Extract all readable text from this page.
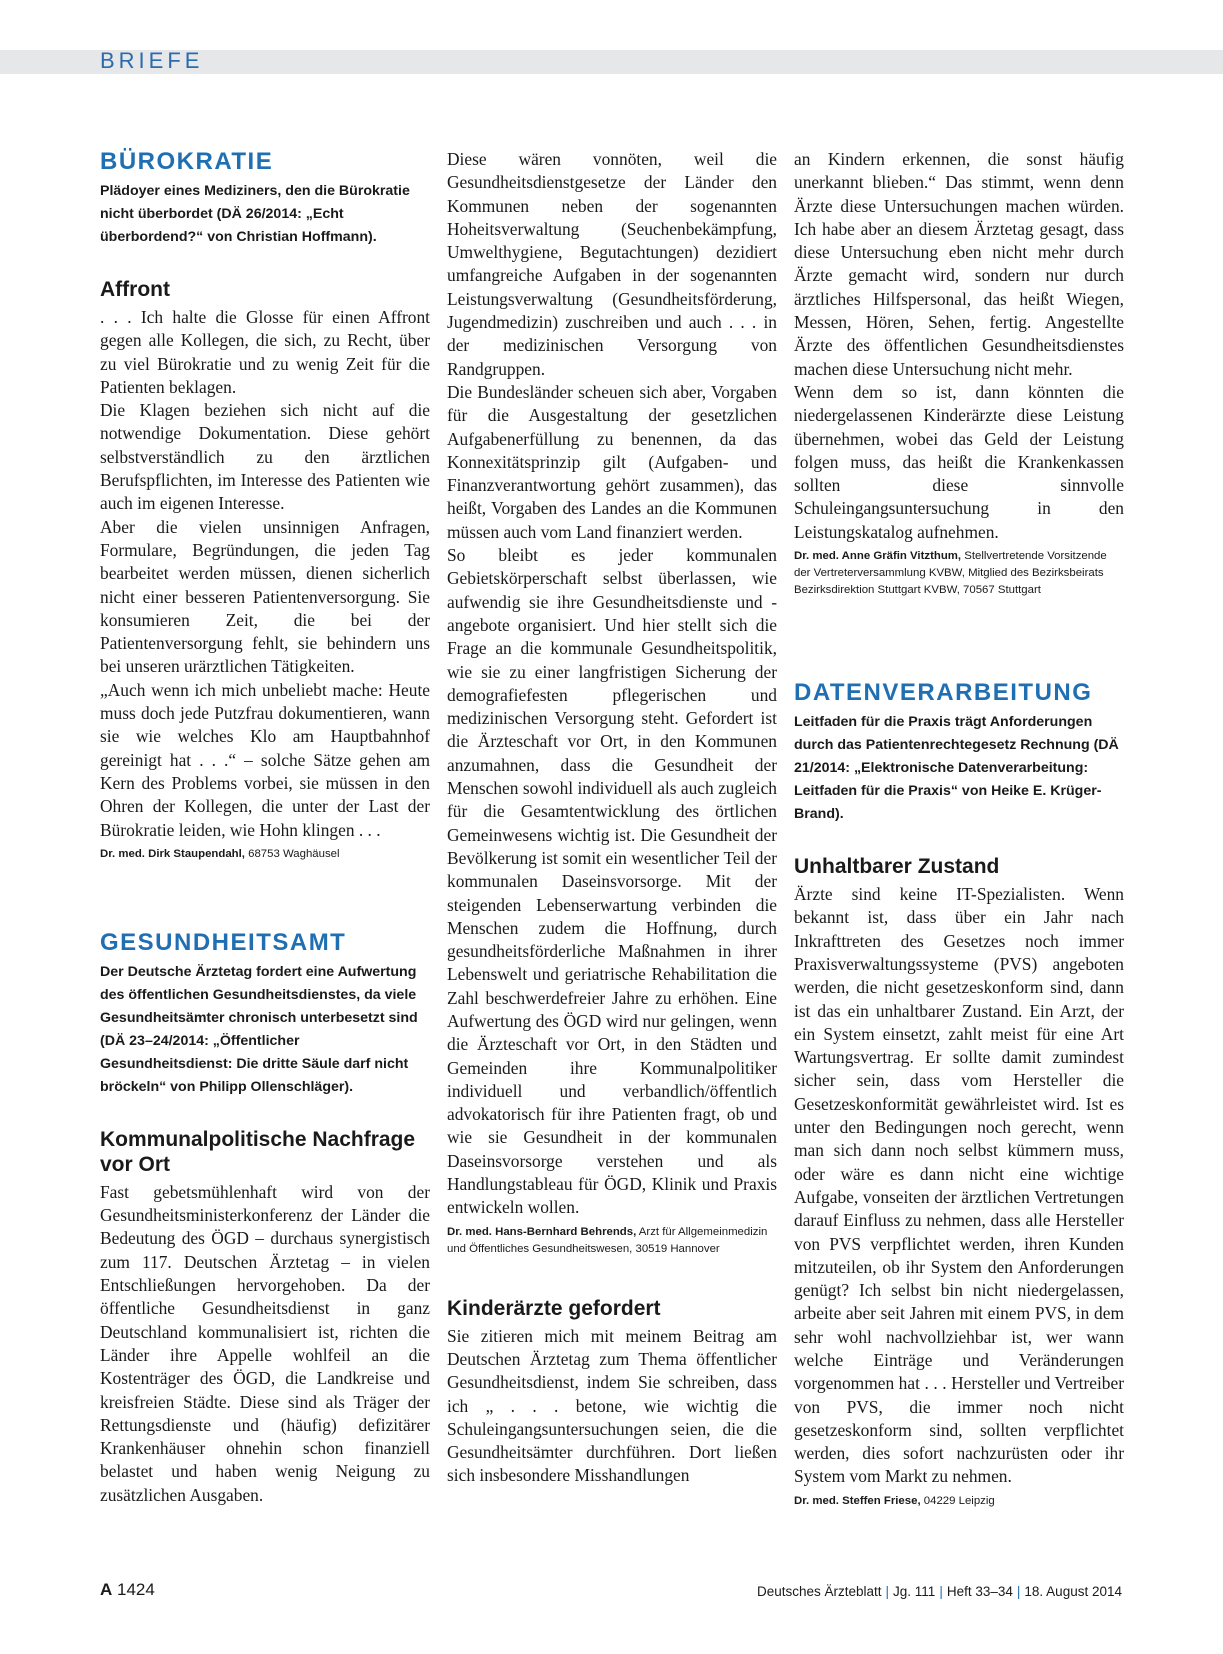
BRIEFE
BÜROKRATIE

Plädoyer eines Mediziners, den die Bürokratie nicht überbordet (DÄ 26/2014: „Echt überbordend?“ von Christian Hoffmann).

Affront

. . . Ich halte die Glosse für einen Affront gegen alle Kollegen, die sich, zu Recht, über zu viel Bürokratie und zu wenig Zeit für die Patienten beklagen.
Die Klagen beziehen sich nicht auf die notwendige Dokumentation. Diese gehört selbstverständlich zu den ärztlichen Berufspflichten, im Interesse des Patienten wie auch im eigenen Interesse.
Aber die vielen unsinnigen Anfragen, Formulare, Begründungen, die jeden Tag bearbeitet werden müssen, dienen sicherlich nicht einer besseren Patientenversorgung. Sie konsumieren Zeit, die bei der Patientenversorgung fehlt, sie behindern uns bei unseren urärztlichen Tätigkeiten.
„Auch wenn ich mich unbeliebt mache: Heute muss doch jede Putzfrau dokumentieren, wann sie wie welches Klo am Hauptbahnhof gereinigt hat . . .“ – solche Sätze gehen am Kern des Problems vorbei, sie müssen in den Ohren der Kollegen, die unter der Last der Bürokratie leiden, wie Hohn klingen . . .

Dr. med. Dirk Staupendahl, 68753 Waghäusel

GESUNDHEITSAMT

Der Deutsche Ärztetag fordert eine Aufwertung des öffentlichen Gesundheitsdienstes, da viele Gesundheitsämter chronisch unterbesetzt sind (DÄ 23–24/2014: „Öffentlicher Gesundheitsdienst: Die dritte Säule darf nicht bröckeln“ von Philipp Ollenschläger).

Kommunalpolitische Nachfrage vor Ort

Fast gebetsmühlenhaft wird von der Gesundheitsministerkonferenz der Länder die Bedeutung des ÖGD – durchaus synergistisch zum 117. Deutschen Ärztetag – in vielen Entschließungen hervorgehoben. Da der öffentliche Gesundheitsdienst in ganz Deutschland kommunalisiert ist, richten die Länder ihre Appelle wohlfeil an die Kostenträger des ÖGD, die Landkreise und kreisfreien Städte. Diese sind als Träger der Rettungsdienste und (häufig) defizitärer Krankenhäuser ohnehin schon finanziell belastet und haben wenig Neigung zu zusätzlichen Ausgaben.

Diese wären vonnöten, weil die Gesundheitsdienstgesetze der Länder den Kommunen neben der sogenannten Hoheitsverwaltung (Seuchenbekämpfung, Umwelthygiene, Begutachtungen) dezidiert umfangreiche Aufgaben in der sogenannten Leistungsverwaltung (Gesundheitsförderung, Jugendmedizin) zuschreiben und auch . . . in der medizinischen Versorgung von Randgruppen.
Die Bundesländer scheuen sich aber, Vorgaben für die Ausgestaltung der gesetzlichen Aufgabenerfüllung zu benennen, da das Konnexitätsprinzip gilt (Aufgaben- und Finanzverantwortung gehört zusammen), das heißt, Vorgaben des Landes an die Kommunen müssen auch vom Land finanziert werden.
So bleibt es jeder kommunalen Gebietskörperschaft selbst überlassen, wie aufwendig sie ihre Gesundheitsdienste und -angebote organisiert. Und hier stellt sich die Frage an die kommunale Gesundheitspolitik, wie sie zu einer langfristigen Sicherung der demografiefesten pflegerischen und medizinischen Versorgung steht. Gefordert ist die Ärzteschaft vor Ort, in den Kommunen anzumahnen, dass die Gesundheit der Menschen sowohl individuell als auch zugleich für die Gesamtentwicklung des örtlichen Gemeinwesens wichtig ist. Die Gesundheit der Bevölkerung ist somit ein wesentlicher Teil der kommunalen Daseinsvorsorge. Mit der steigenden Lebenserwartung verbinden die Menschen zudem die Hoffnung, durch gesundheitsförderliche Maßnahmen in ihrer Lebenswelt und geriatrische Rehabilitation die Zahl beschwerdefreier Jahre zu erhöhen. Eine Aufwertung des ÖGD wird nur gelingen, wenn die Ärzteschaft vor Ort, in den Städten und Gemeinden ihre Kommunalpolitiker individuell und verbandlich/öffentlich advokatorisch für ihre Patienten fragt, ob und wie sie Gesundheit in der kommunalen Daseinsvorsorge verstehen und als Handlungstableau für ÖGD, Klinik und Praxis entwickeln wollen.

Dr. med. Hans-Bernhard Behrends, Arzt für Allgemeinmedizin und Öffentliches Gesundheitswesen, 30519 Hannover

Kinderärzte gefordert

Sie zitieren mich mit meinem Beitrag am Deutschen Ärztetag zum Thema öffentlicher Gesundheitsdienst, indem Sie schreiben, dass ich „ . . . betone, wie wichtig die Schuleingangsuntersuchungen seien, die die Gesundheitsämter durchführen. Dort ließen sich insbesondere Misshandlungen

an Kindern erkennen, die sonst häufig unerkannt blieben.“ Das stimmt, wenn denn Ärzte diese Untersuchungen machen würden. Ich habe aber an diesem Ärztetag gesagt, dass diese Untersuchung eben nicht mehr durch Ärzte gemacht wird, sondern nur durch ärztliches Hilfspersonal, das heißt Wiegen, Messen, Hören, Sehen, fertig. Angestellte Ärzte des öffentlichen Gesundheitsdienstes machen diese Untersuchung nicht mehr.
Wenn dem so ist, dann könnten die niedergelassenen Kinderärzte diese Leistung übernehmen, wobei das Geld der Leistung folgen muss, das heißt die Krankenkassen sollten diese sinnvolle Schuleingangsuntersuchung in den Leistungskatalog aufnehmen.

Dr. med. Anne Gräfin Vitzthum, Stellvertretende Vorsitzende der Vertreterversammlung KVBW, Mitglied des Bezirksbeirats Bezirksdirektion Stuttgart KVBW, 70567 Stuttgart

DATENVERARBEITUNG

Leitfaden für die Praxis trägt Anforderungen durch das Patientenrechtegesetz Rechnung (DÄ 21/2014: „Elektronische Datenverarbeitung: Leitfaden für die Praxis“ von Heike E. Krüger-Brand).

Unhaltbarer Zustand

Ärzte sind keine IT-Spezialisten. Wenn bekannt ist, dass über ein Jahr nach Inkrafttreten des Gesetzes noch immer Praxisverwaltungssysteme (PVS) angeboten werden, die nicht gesetzeskonform sind, dann ist das ein unhaltbarer Zustand. Ein Arzt, der ein System einsetzt, zahlt meist für eine Art Wartungsvertrag. Er sollte damit zumindest sicher sein, dass vom Hersteller die Gesetzeskonformität gewährleistet wird. Ist es unter den Bedingungen noch gerecht, wenn man sich dann noch selbst kümmern muss, oder wäre es dann nicht eine wichtige Aufgabe, vonseiten der ärztlichen Vertretungen darauf Einfluss zu nehmen, dass alle Hersteller von PVS verpflichtet werden, ihren Kunden mitzuteilen, ob ihr System den Anforderungen genügt? Ich selbst bin nicht niedergelassen, arbeite aber seit Jahren mit einem PVS, in dem sehr wohl nachvollziehbar ist, wer wann welche Einträge und Veränderungen vorgenommen hat . . . Hersteller und Vertreiber von PVS, die immer noch nicht gesetzeskonform sind, sollten verpflichtet werden, dies sofort nachzurüsten oder ihr System vom Markt zu nehmen.

Dr. med. Steffen Friese, 04229 Leipzig

A 1424	Deutsches Ärzteblatt | Jg. 111 | Heft 33–34 | 18. August 2014
